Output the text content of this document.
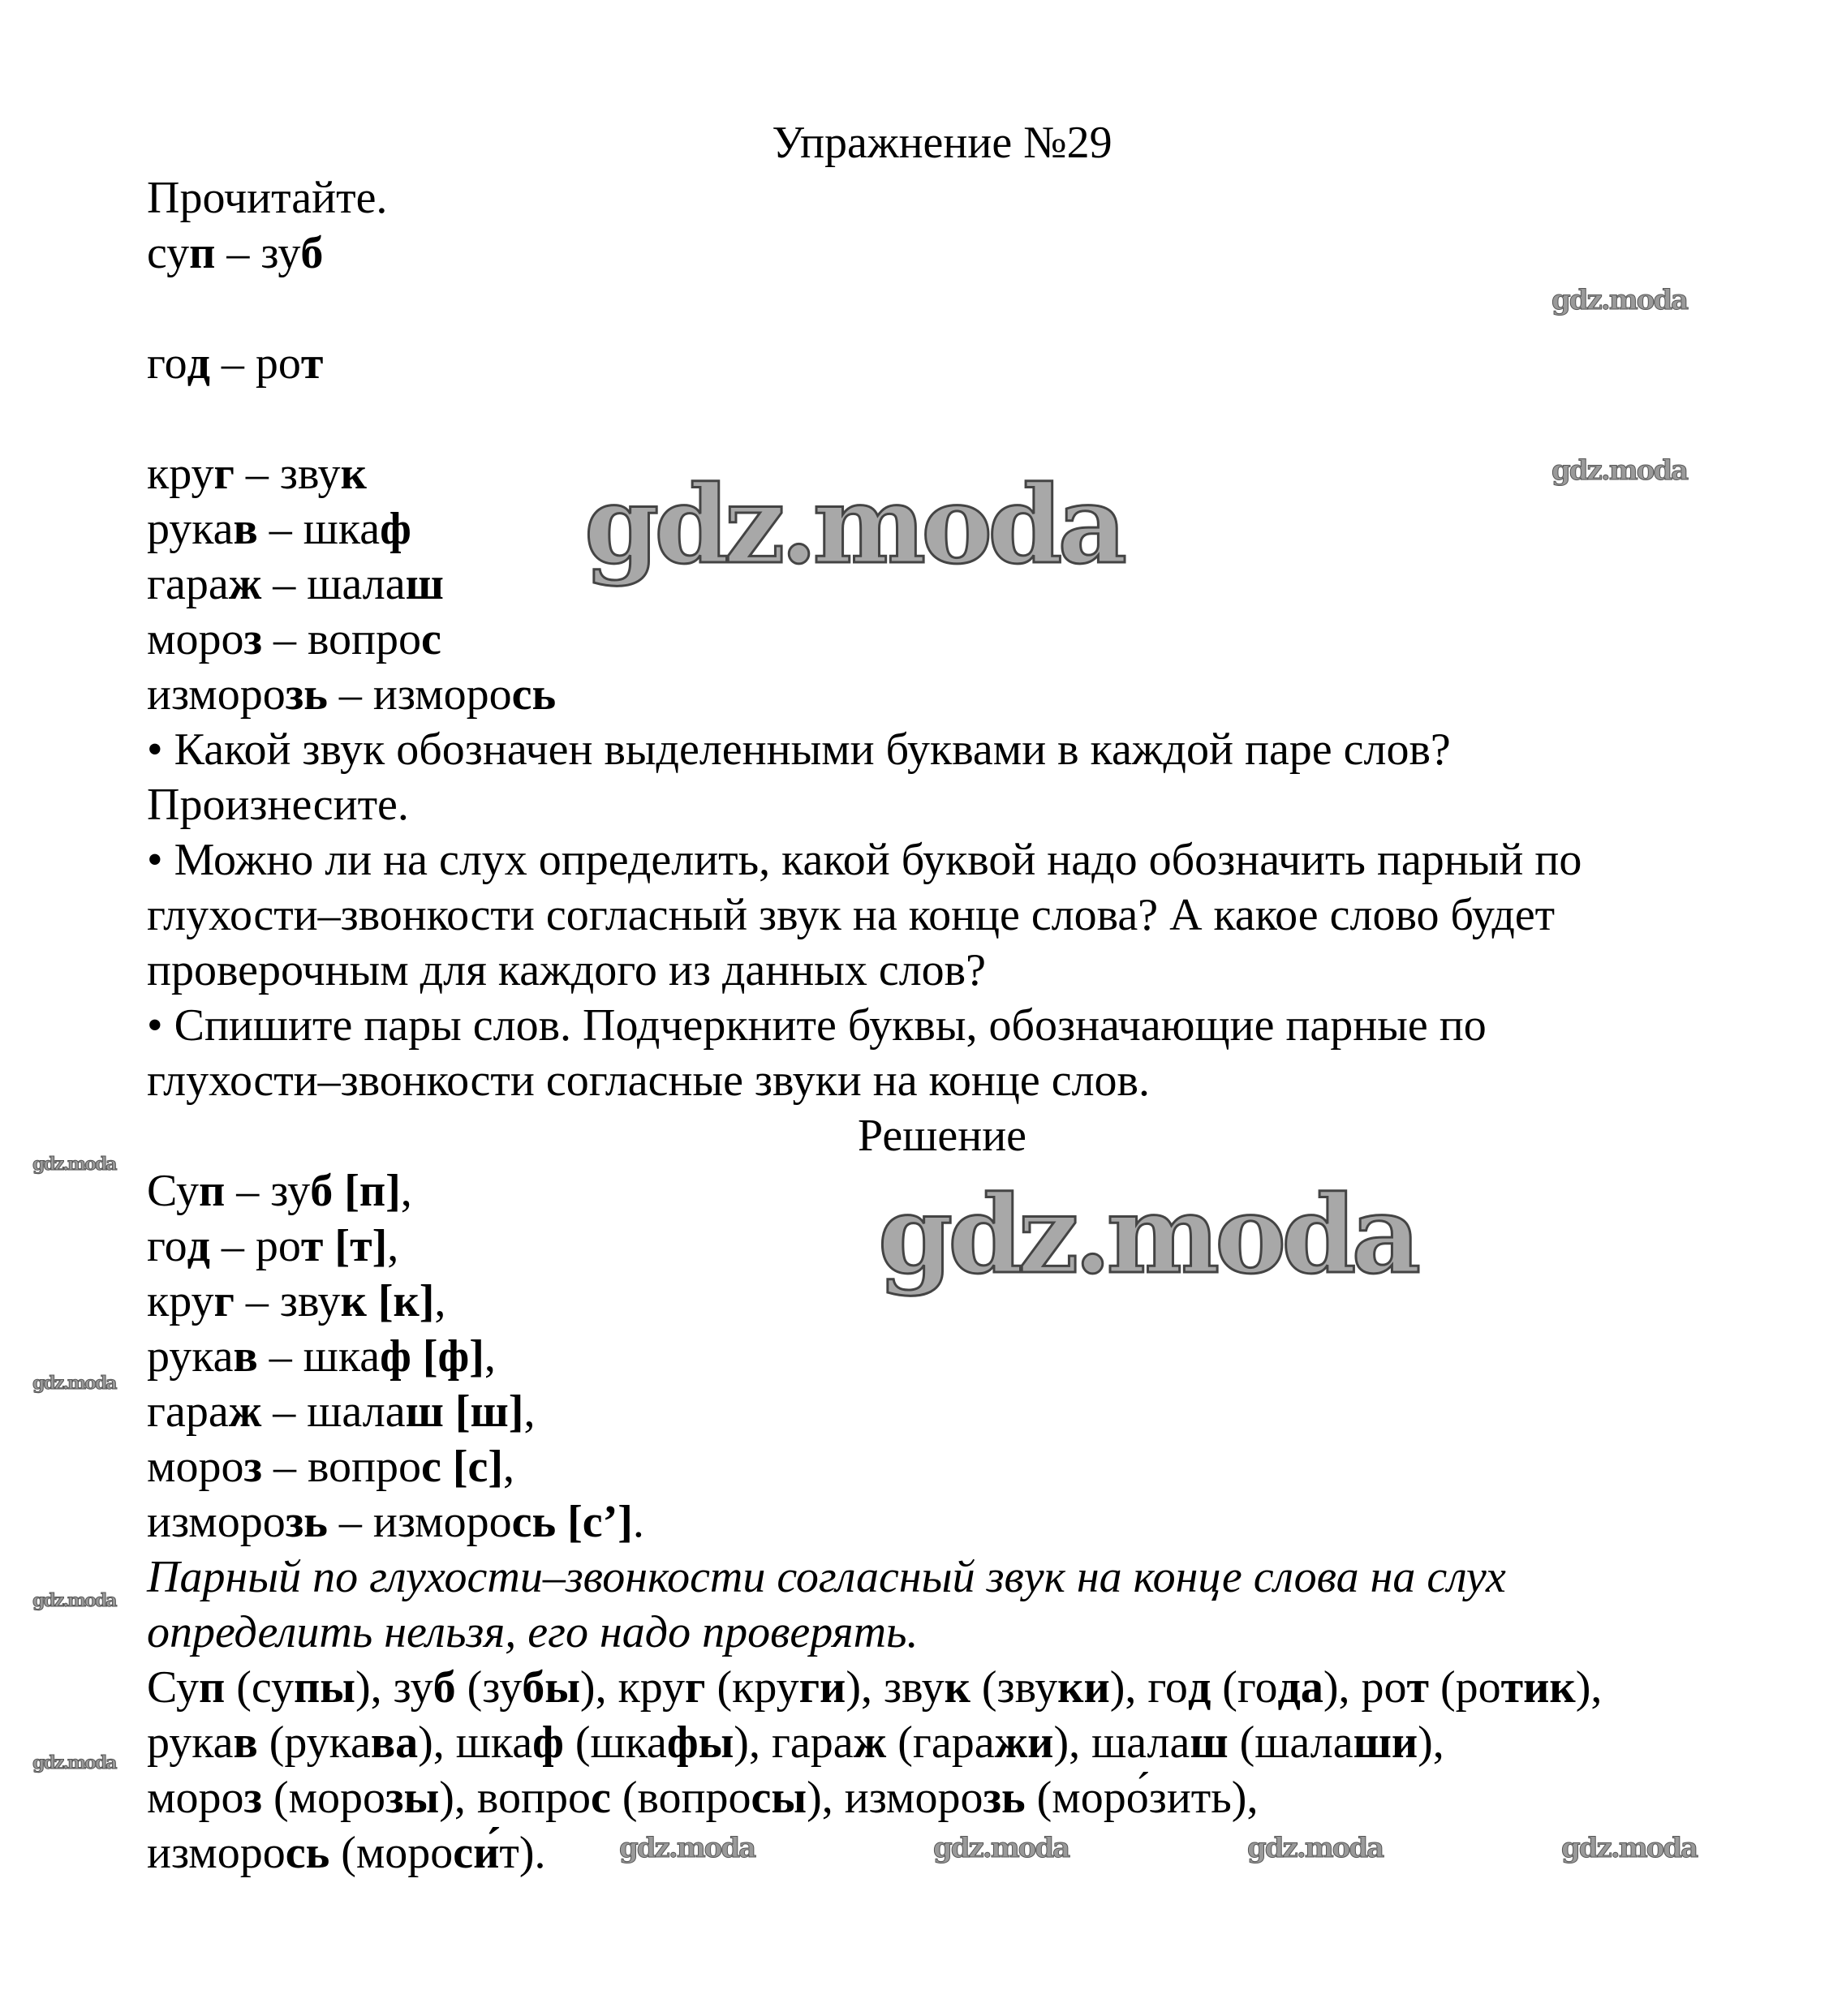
Упражнение №29
Прочитайте.
суп – зуб
год – рот
круг – звук
рукав – шкаф
гараж – шалаш
мороз – вопрос
изморозь – изморось
• Какой звук обозначен выделенными буквами в каждой паре слов?
Произнесите.
• Можно ли на слух определить, какой буквой надо обозначить парный по
глухости–звонкости согласный звук на конце слова? А какое слово будет
проверочным для каждого из данных слов?
• Спишите пары слов. Подчеркните буквы, обозначающие парные по
глухости–звонкости согласные звуки на конце слов.
Решение
Суп – зуб [п],
год – рот [т],
круг – звук [к],
рукав – шкаф [ф],
гараж – шалаш [ш],
мороз – вопрос [с],
изморозь – изморось [с’].
Парный по глухости–звонкости согласный звук на конце слова на слух
определить нельзя, его надо проверять.
Суп (супы), зуб (зубы), круг (круги), звук (звуки), год (года), рот (ротик),
рукав (рукава), шкаф (шкафы), гараж (гаражи), шалаш (шалаши),
мороз (морозы), вопрос (вопросы), изморозь (моро́зить),
изморось (мороси́т).
gdz.moda
gdz.moda
gdz.moda
gdz.moda
gdz.moda	gdz.moda	gdz.moda	gdz.moda
gdz.moda
gdz.moda
gdz.moda
gdz.moda
